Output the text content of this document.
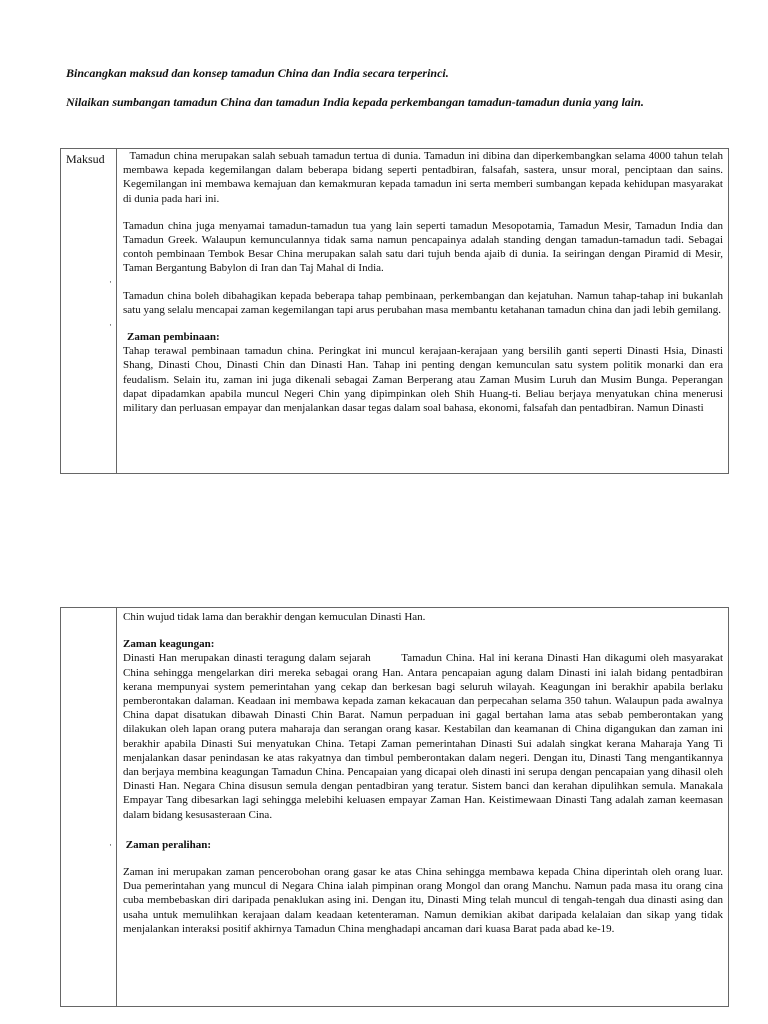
Bincangkan maksud dan konsep tamadun China dan India secara terperinci.
Nilaikan sumbangan tamadun China dan tamadun India kepada perkembangan tamadun-tamadun dunia yang lain.
Maksud	Tamadun china merupakan salah sebuah tamadun tertua di dunia. Tamadun ini dibina dan diperkembangkan selama 4000 tahun telah membawa kepada kegemilangan dalam beberapa bidang seperti pentadbiran, falsafah, sastera, unsur moral, penciptaan dan sains. Kegemilangan ini membawa kemajuan dan kemakmuran kepada tamadun ini serta memberi sumbangan kepada kehidupan masyarakat di dunia pada hari ini.

Tamadun china juga menyamai tamadun-tamadun tua yang lain seperti tamadun Mesopotamia, Tamadun Mesir, Tamadun India dan Tamadun Greek. Walaupun kemunculannya tidak sama namun pencapainya adalah standing dengan tamadun-tamadun tadi. Sebagai contoh pembinaan Tembok Besar China merupakan salah satu dari tujuh benda ajaib di dunia. Ia seiringan dengan Piramid di Mesir, Taman Bergantung Babylon di Iran dan Taj Mahal di India.

·

Tamadun china boleh dibahagikan kepada beberapa tahap pembinaan, perkembangan dan kejatuhan. Namun tahap-tahap ini bukanlah satu yang selalu mencapai zaman kegemilangan tapi arus perubahan masa membantu ketahanan tamadun china dan jadi lebih gemilang.

·
Zaman pembinaan:

Tahap terawal pembinaan tamadun china. Peringkat ini muncul kerajaan-kerajaan yang bersilih ganti seperti Dinasti Hsia, Dinasti Shang, Dinasti Chou, Dinasti Chin dan Dinasti Han. Tahap ini penting dengan kemunculan satu system politik monarki dan era feudalism. Selain itu, zaman ini juga dikenali sebagai Zaman Berperang atau Zaman Musim Luruh dan Musim Bunga. Peperangan dapat dipadamkan apabila muncul Negeri Chin yang dipimpinkan oleh Shih Huang-ti. Beliau berjaya menyatukan china menerusi military dan perluasan empayar dan menjalankan dasar tegas dalam soal bahasa, ekonomi, falsafah dan pentadbiran. Namun Dinasti

Chin wujud tidak lama dan berakhir dengan kemuculan Dinasti Han.

Zaman keagungan:

Dinasti Han merupakan dinasti teragung dalam sejarah        Tamadun China. Hal ini kerana Dinasti Han dikagumi oleh masyarakat China sehingga mengelarkan diri mereka sebagai orang Han. Antara pencapaian agung dalam Dinasti ini ialah bidang pentadbiran kerana mempunyai system pemerintahan yang cekap dan berkesan bagi seluruh wilayah. Keagungan ini berakhir apabila berlaku pemberontakan dalaman. Keadaan ini membawa kepada zaman kekacauan dan perpecahan selama 350 tahun. Walaupun pada awalnya China dapat disatukan dibawah Dinasti Chin Barat. Namun perpaduan ini gagal bertahan lama atas sebab pemberontakan yang dilakukan oleh lapan orang putera maharaja dan serangan orang kasar. Kestabilan dan keamanan di China digangukan dan zaman ini berakhir apabila Dinasti Sui menyatukan China. Tetapi Zaman pemerintahan Dinasti Sui adalah singkat kerana Maharaja Yang Ti menjalankan dasar penindasan ke atas rakyatnya dan timbul pemberontakan dalam negeri. Dengan itu, Dinasti Tang mengantikannya dan berjaya membina keagungan Tamadun China. Pencapaian yang dicapai oleh dinasti ini serupa dengan pencapaian yang dihasil oleh Dinasti Han. Negara China disusun semula dengan pentadbiran yang teratur. Sistem banci dan kerahan dipulihkan semula. Manakala Empayar Tang dibesarkan lagi sehingga melebihi keluasen empayar Zaman Han. Keistimewaan Dinasti Tang adalah zaman keemasan dalam bidang kesusasteraan Cina.

· Zaman peralihan:

Zaman ini merupakan zaman pencerobohan orang gasar ke atas China sehingga membawa kepada China diperintah oleh orang luar. Dua pemerintahan yang muncul di Negara China ialah pimpinan orang Mongol dan orang Manchu. Namun pada masa itu orang cina cuba membebaskan diri daripada penaklukan asing ini. Dengan itu, Dinasti Ming telah muncul di tengah-tengah dua dinasti asing dan usaha untuk memulihkan kerajaan dalam keadaan ketenteraman. Namun demikian akibat daripada kelalaian dan sikap yang tidak menjalankan interaksi positif akhirnya Tamadun China menghadapi ancaman dari kuasa Barat pada abad ke-19.
